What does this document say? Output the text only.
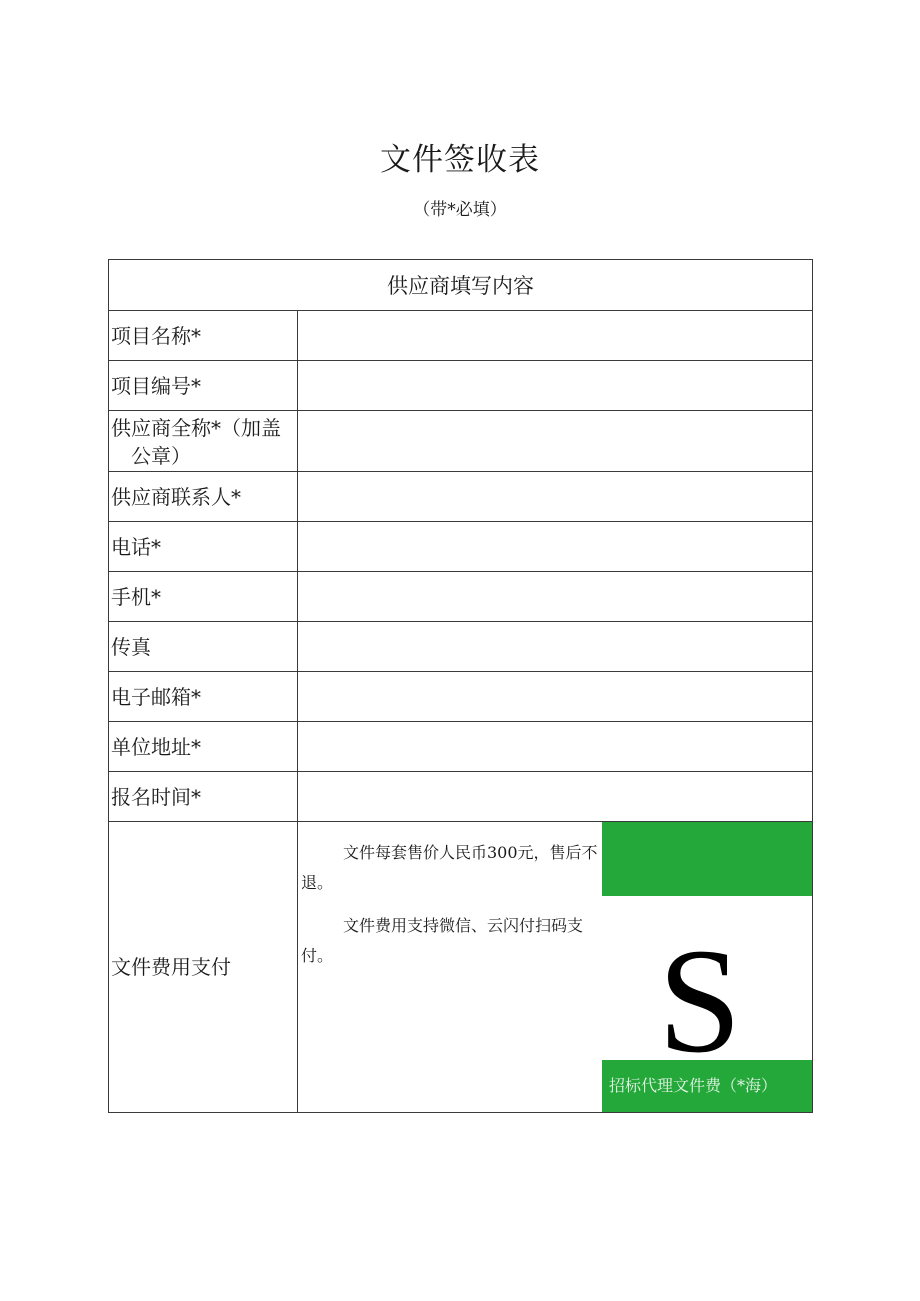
文件签收表
（带*必填）
供应商填写内容	
项目名称*	
项目编号*	
供应商全称*（加盖
公章）	

供应商联系人*	
电话*	
手机*	
传真	
电子邮箱*	
单位地址*	
报名时间*	
文件费用支付	文件每套售价人民币300元，售后不退。

文件费用支持微信、云闪付扫码支付。 S
招标代理文件费（*海）
